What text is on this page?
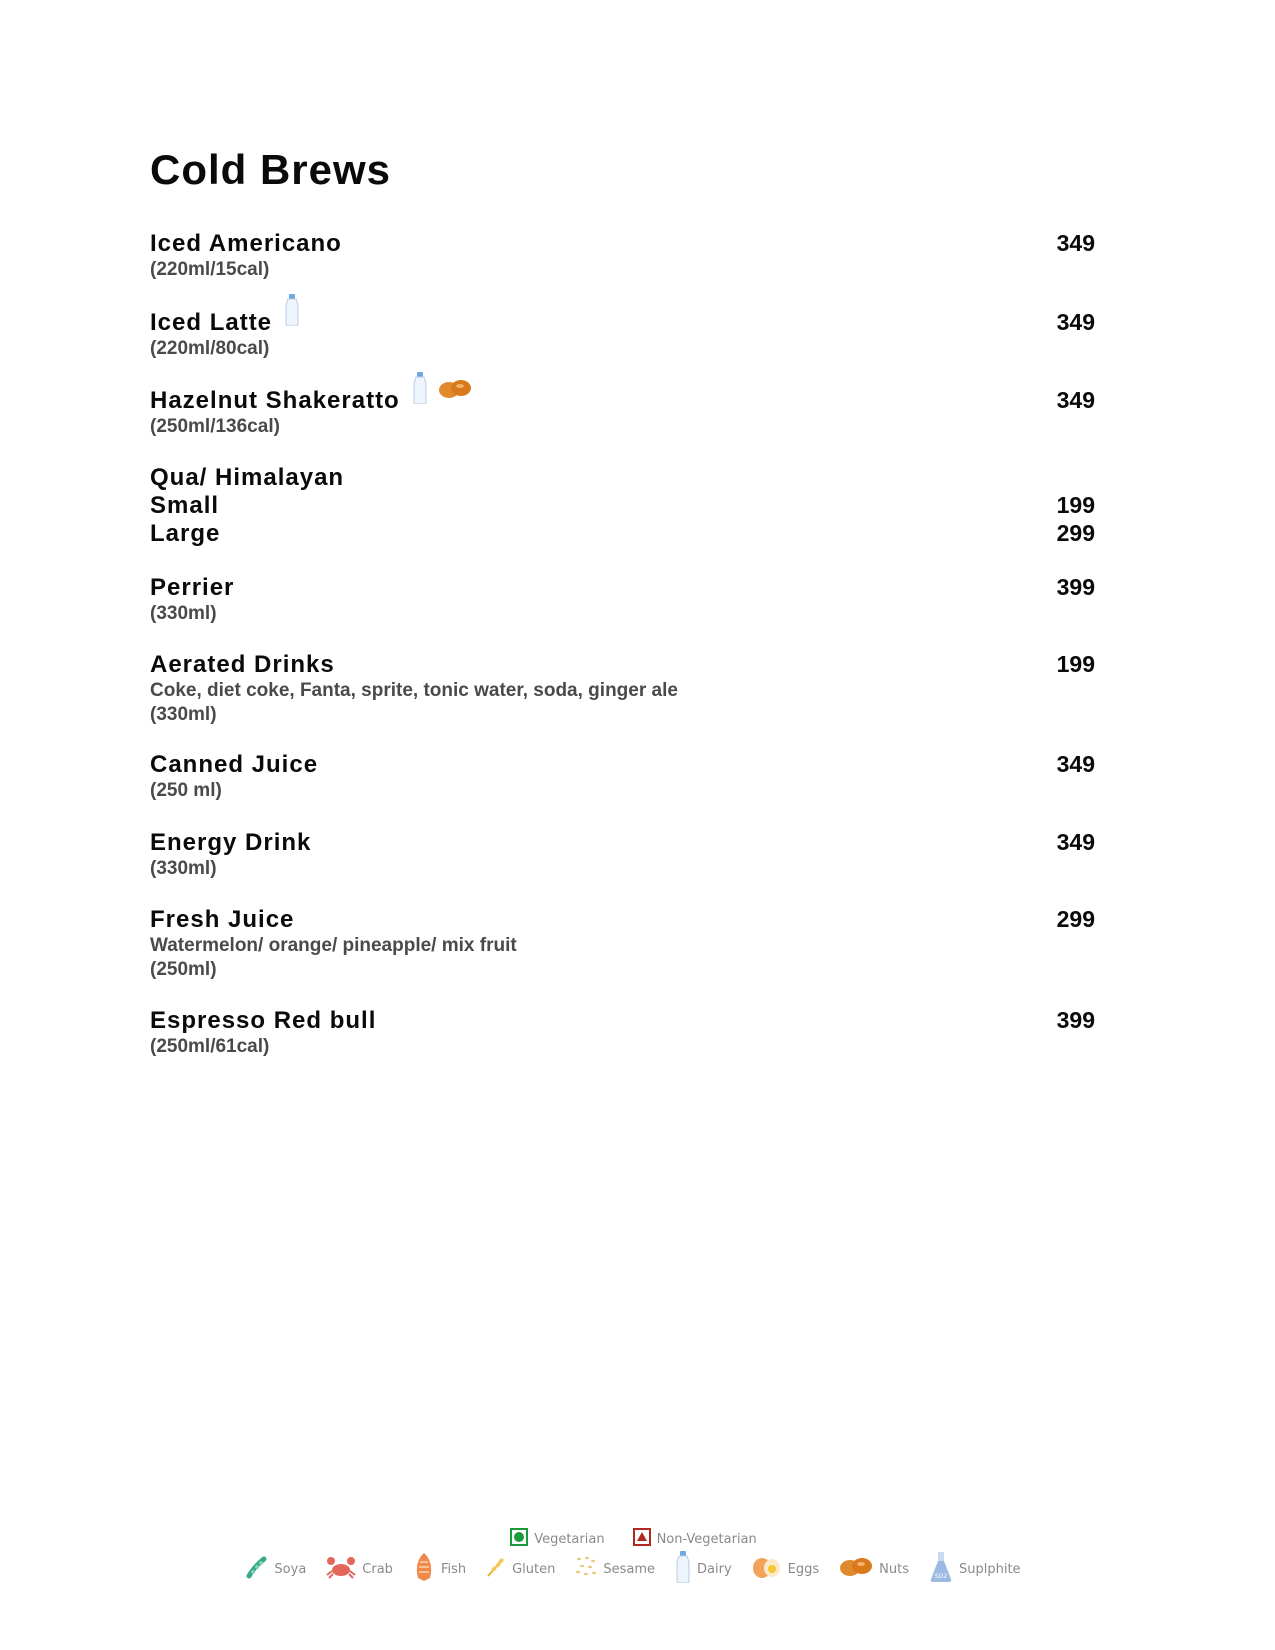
Cold Brews
Iced Americano	349
(220ml/15cal)
Iced Latte	349
(220ml/80cal)
Hazelnut Shakeratto	349
(250ml/136cal)
Qua/ Himalayan
Small	199
Large	299
Perrier	399
(330ml)
Aerated Drinks	199
Coke, diet coke, Fanta, sprite, tonic water, soda, ginger ale
(330ml)
Canned Juice	349
(250 ml)
Energy Drink	349
(330ml)
Fresh Juice	299
Watermelon/ orange/ pineapple/ mix fruit
(250ml)
Espresso Red bull	399
(250ml/61cal)
Vegetarian	Non-Vegetarian
Soya	Crab	Fish	Gluten	Sesame	Dairy	Eggs	Nuts	SO2 Suplphite
